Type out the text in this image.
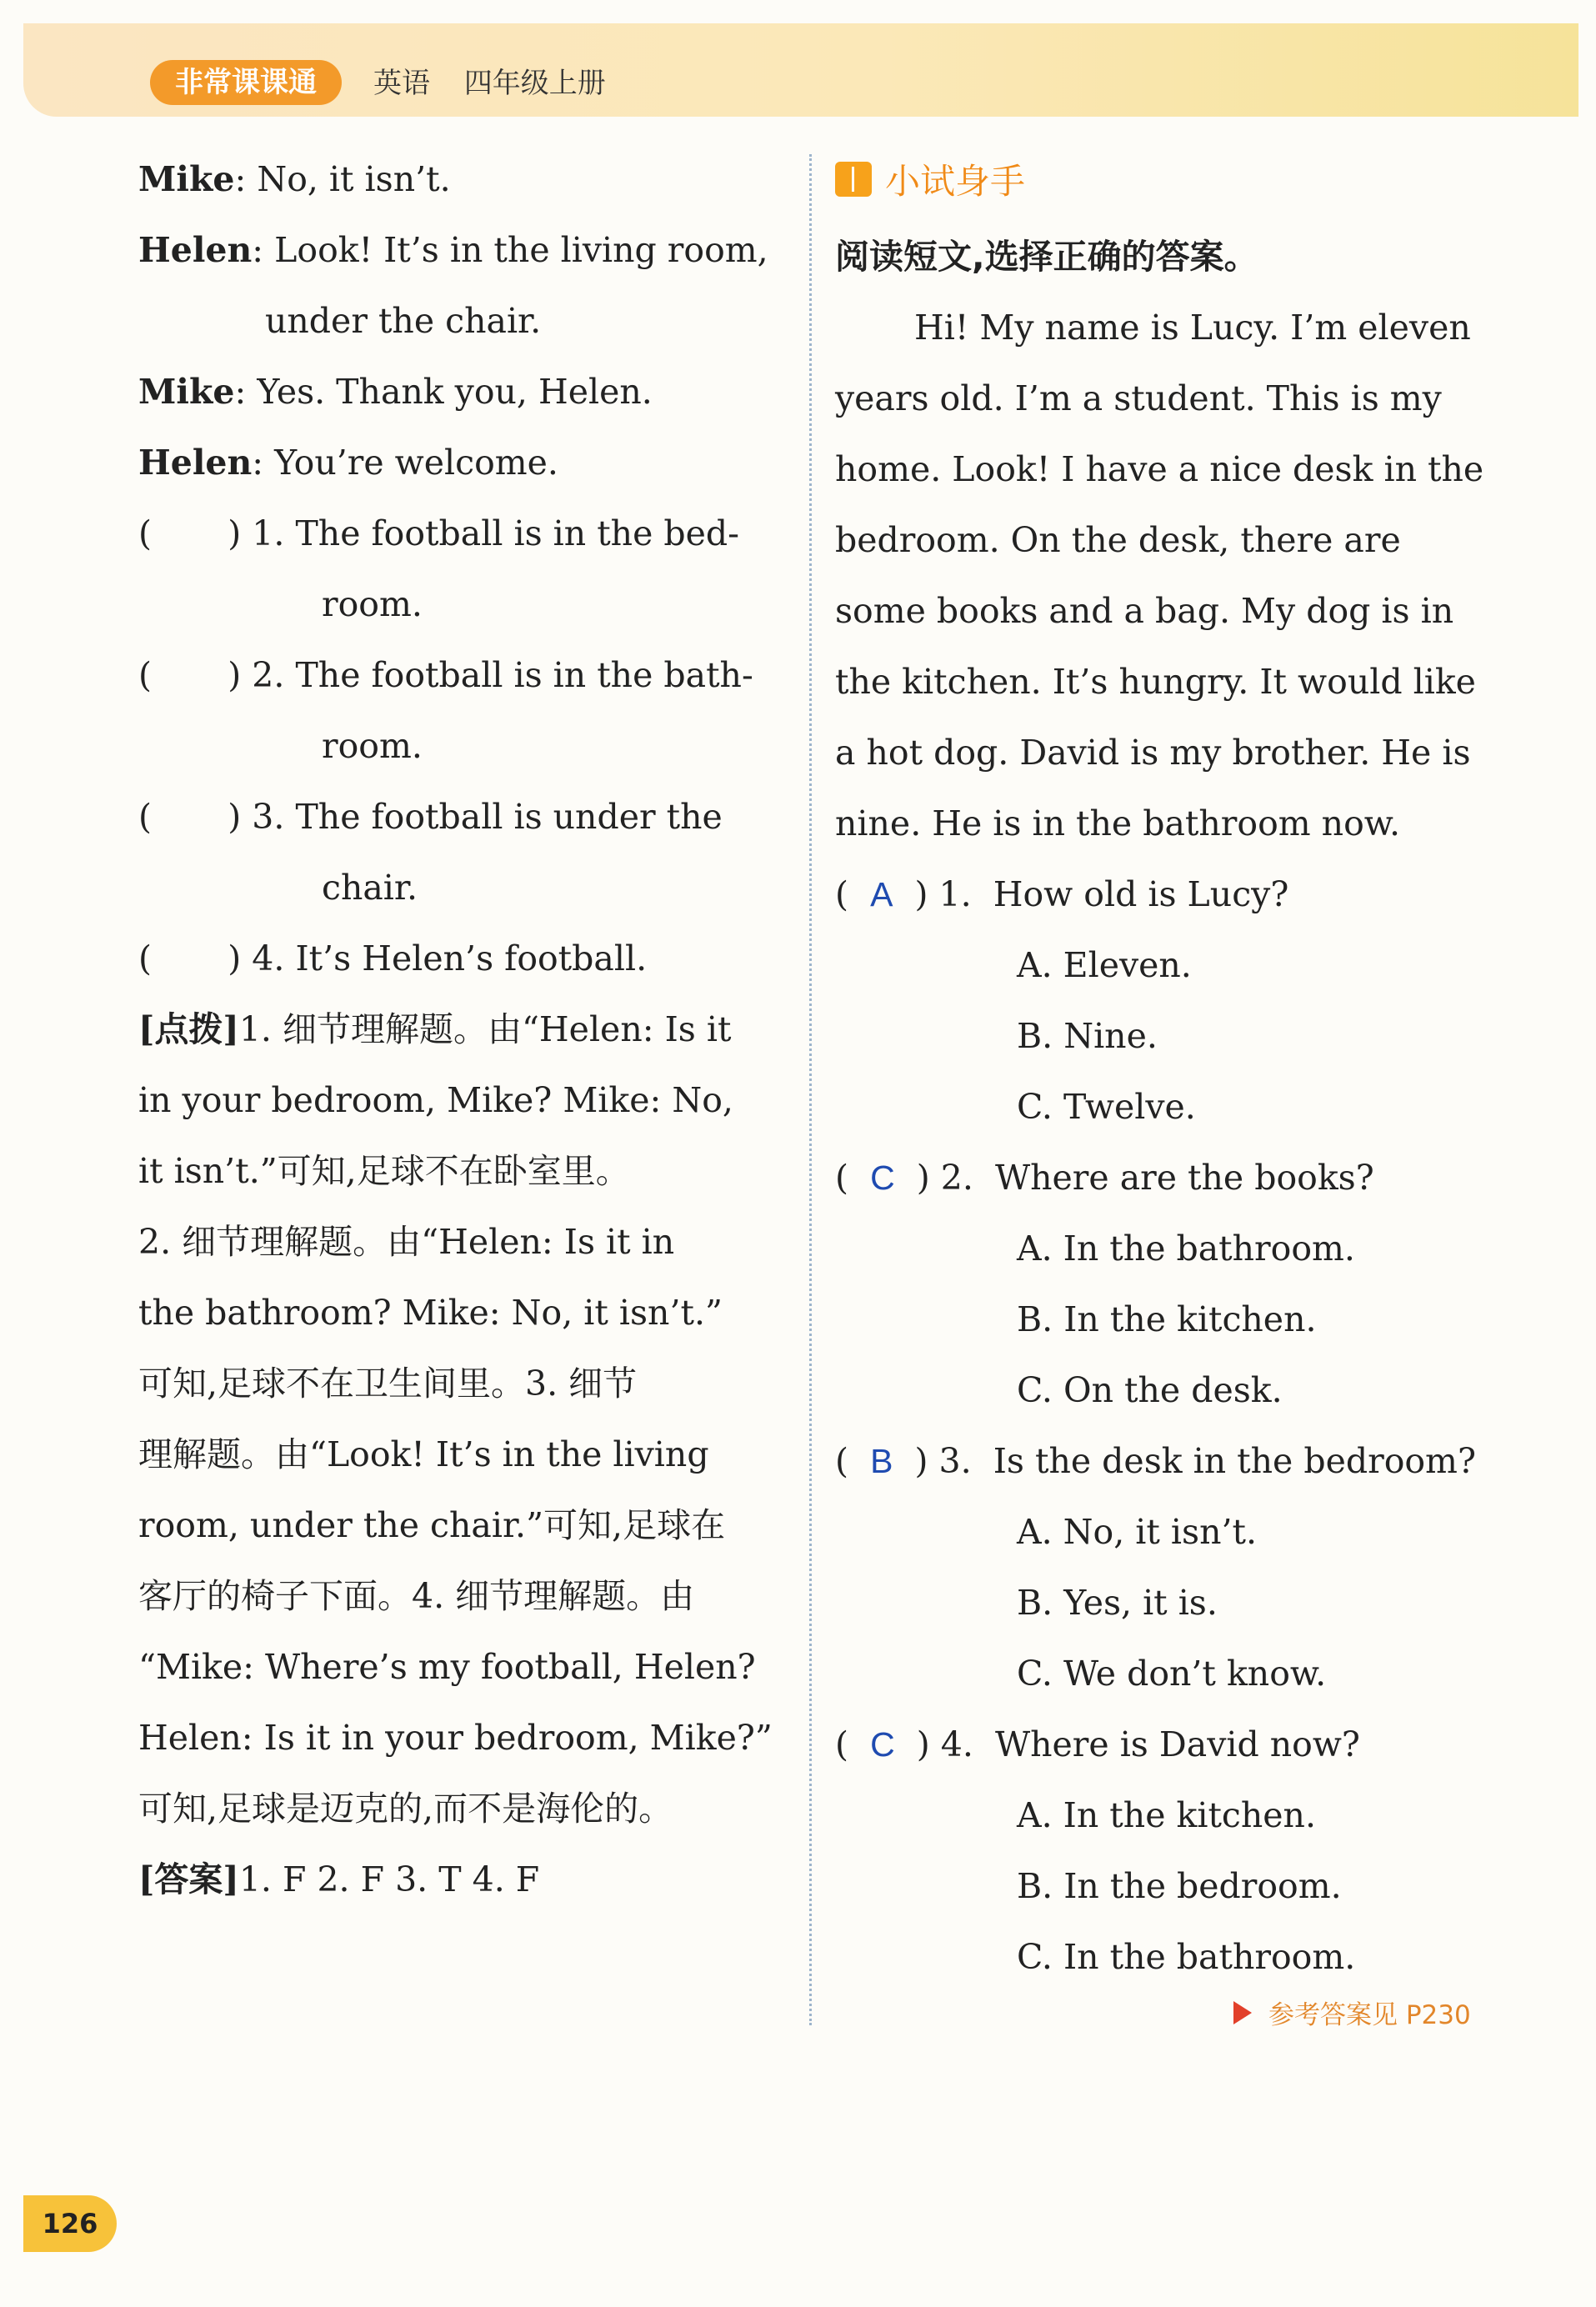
非常课课通	英语 四年级上册
Mike: No, it isn’t.
Helen: Look! It’s in the living room,
under the chair.
Mike: Yes. Thank you, Helen.
Helen: You’re welcome.
(       ) 1. The football is in the bed-
room.
(       ) 2. The football is in the bath-
room.
(       ) 3. The football is under the
chair.
(       ) 4. It’s Helen’s football.
[点拨]1. 细节理解题。由“Helen: Is it
in your bedroom, Mike? Mike: No,
it isn’t.”可知,足球不在卧室里。
2. 细节理解题。由“Helen: Is it in
the bathroom? Mike: No, it isn’t.”
可知,足球不在卫生间里。3. 细节
理解题。由“Look! It’s in the living
room, under the chair.”可知,足球在
客厅的椅子下面。4. 细节理解题。由
“Mike: Where’s my football, Helen?
Helen: Is it in your bedroom, Mike?”
可知,足球是迈克的,而不是海伦的。
[答案]1. F 2. F 3. T 4. F
小试身手
阅读短文,选择正确的答案。
Hi! My name is Lucy. I’m eleven
years old. I’m a student. This is my
home. Look! I have a nice desk in the
bedroom. On the desk, there are
some books and a bag. My dog is in
the kitchen. It’s hungry. It would like
a hot dog. David is my brother. He is
nine. He is in the bathroom now.
(  A  ) 1. How old is Lucy?
A. Eleven.
B. Nine.
C. Twelve.
(  C  ) 2. Where are the books?
A. In the bathroom.
B. In the kitchen.
C. On the desk.
(  B  ) 3. Is the desk in the bedroom?
A. No, it isn’t.
B. Yes, it is.
C. We don’t know.
(  C  ) 4. Where is David now?
A. In the kitchen.
B. In the bedroom.
C. In the bathroom.
参考答案见 P230
126
